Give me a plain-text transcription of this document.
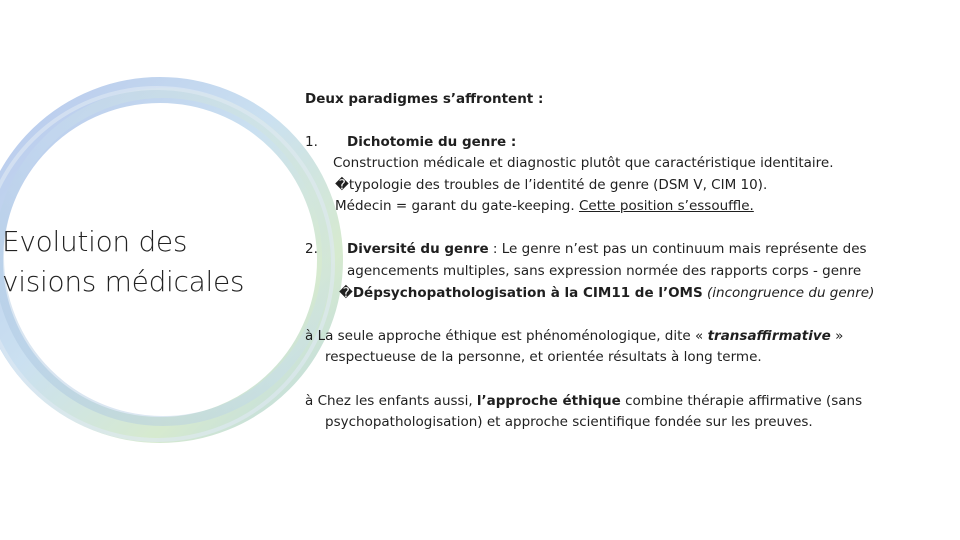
Evolution des
visions médicales
Deux paradigmes s’affrontent :
1. Dichotomie du genre :
Construction médicale et diagnostic plutôt que caractéristique identitaire.
�typologie des troubles de l’identité de genre (DSM V, CIM 10).
Médecin = garant du gate-keeping. Cette position s’essouffle.
2. Diversité du genre : Le genre n’est pas un continuum mais représente des
agencements multiples, sans expression normée des rapports corps - genre
�Dépsychopathologisation à la CIM11 de l’OMS (incongruence du genre)
à La seule approche éthique est phénoménologique, dite « transaffirmative »
respectueuse de la personne, et orientée résultats à long terme.
à Chez les enfants aussi, l’approche éthique combine thérapie affirmative (sans
psychopathologisation) et approche scientifique fondée sur les preuves.
